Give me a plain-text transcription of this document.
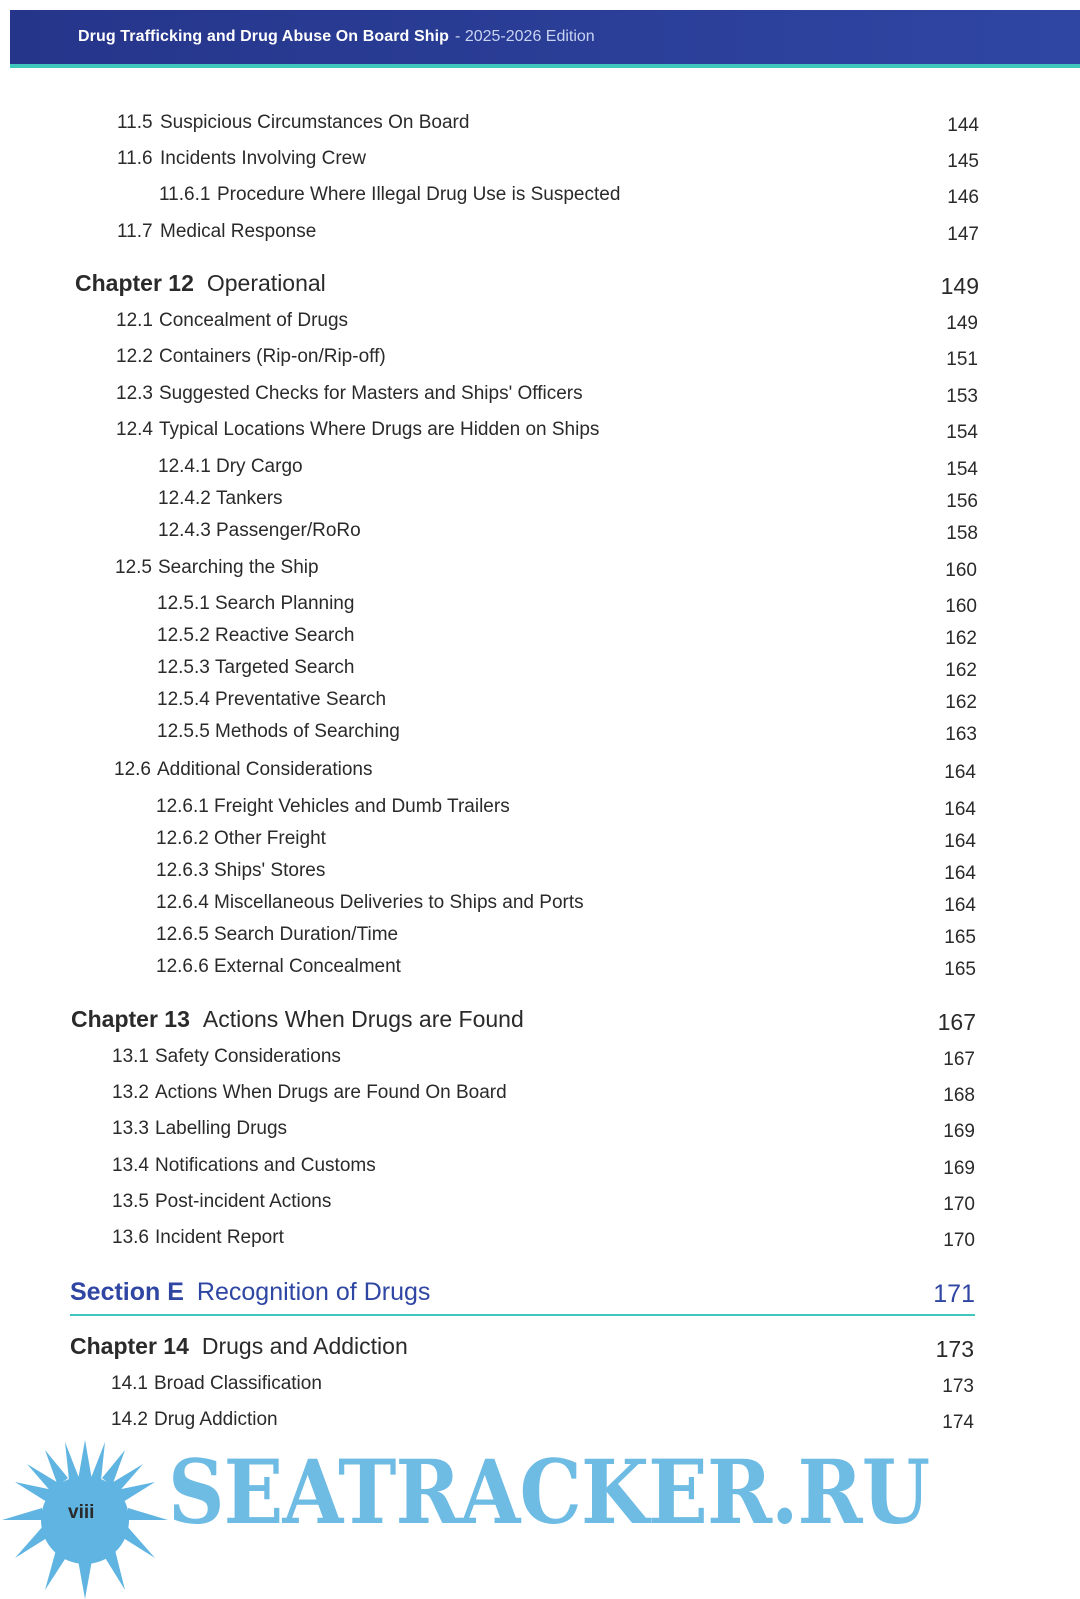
Drug Trafficking and Drug Abuse On Board Ship - 2025-2026 Edition
11.5 Suspicious Circumstances On Board	144
11.6 Incidents Involving Crew	145
11.6.1 Procedure Where Illegal Drug Use is Suspected	146
11.7 Medical Response	147
Chapter 12 Operational	149
12.1 Concealment of Drugs	149
12.2 Containers (Rip-on/Rip-off)	151
12.3 Suggested Checks for Masters and Ships' Officers	153
12.4 Typical Locations Where Drugs are Hidden on Ships	154
12.4.1 Dry Cargo	154
12.4.2 Tankers	156
12.4.3 Passenger/RoRo	158
12.5 Searching the Ship	160
12.5.1 Search Planning	160
12.5.2 Reactive Search	162
12.5.3 Targeted Search	162
12.5.4 Preventative Search	162
12.5.5 Methods of Searching	163
12.6 Additional Considerations	164
12.6.1 Freight Vehicles and Dumb Trailers	164
12.6.2 Other Freight	164
12.6.3 Ships' Stores	164
12.6.4 Miscellaneous Deliveries to Ships and Ports	164
12.6.5 Search Duration/Time	165
12.6.6 External Concealment	165
Chapter 13 Actions When Drugs are Found	167
13.1 Safety Considerations	167
13.2 Actions When Drugs are Found On Board	168
13.3 Labelling Drugs	169
13.4 Notifications and Customs	169
13.5 Post-incident Actions	170
13.6 Incident Report	170
Section E Recognition of Drugs	171
Chapter 14 Drugs and Addiction	173
14.1 Broad Classification	173
14.2 Drug Addiction	174
viii SEATRACKER.RU
